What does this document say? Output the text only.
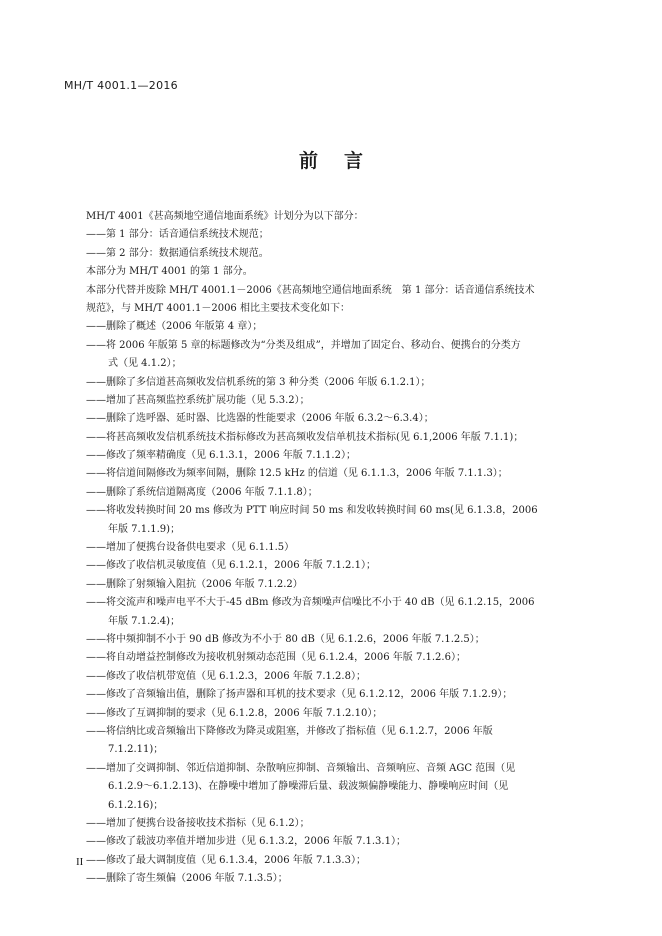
MH/T 4001.1—2016
前言
MH/T 4001《甚高频地空通信地面系统》计划分为以下部分：
——第 1 部分：话音通信系统技术规范；
——第 2 部分：数据通信系统技术规范。
本部分为 MH/T 4001 的第 1 部分。
本部分代替并废除 MH/T 4001.1－2006《甚高频地空通信地面系统　第 1 部分：话音通信系统技术
规范》，与 MH/T 4001.1－2006 相比主要技术变化如下：
——删除了概述（2006 年版第 4 章）；
——将 2006 年版第 5 章的标题修改为“分类及组成”，并增加了固定台、移动台、便携台的分类方
式（见 4.1.2）；
——删除了多信道甚高频收发信机系统的第 3 种分类（2006 年版 6.1.2.1）；
——增加了甚高频监控系统扩展功能（见 5.3.2）；
——删除了选呼器、延时器、比选器的性能要求（2006 年版 6.3.2～6.3.4）；
——将甚高频收发信机系统技术指标修改为甚高频收发信单机技术指标(见 6.1,2006 年版 7.1.1)；
——修改了频率精确度（见 6.1.3.1，2006 年版 7.1.1.2）；
——将信道间隔修改为频率间隔，删除 12.5 kHz 的信道（见 6.1.1.3，2006 年版 7.1.1.3）；
——删除了系统信道隔离度（2006 年版 7.1.1.8）；
——将收发转换时间 20 ms 修改为 PTT 响应时间 50 ms 和发收转换时间 60 ms(见 6.1.3.8，2006
年版 7.1.1.9)；
——增加了便携台设备供电要求（见 6.1.1.5）
——修改了收信机灵敏度值（见 6.1.2.1，2006 年版 7.1.2.1）；
——删除了射频输入阻抗（2006 年版 7.1.2.2）
——将交流声和噪声电平不大于-45 dBm 修改为音频噪声信噪比不小于 40 dB（见 6.1.2.15，2006
年版 7.1.2.4)；
——将中频抑制不小于 90 dB 修改为不小于 80 dB（见 6.1.2.6，2006 年版 7.1.2.5）；
——将自动增益控制修改为接收机射频动态范围（见 6.1.2.4，2006 年版 7.1.2.6）；
——修改了收信机带宽值（见 6.1.2.3，2006 年版 7.1.2.8）；
——修改了音频输出值，删除了扬声器和耳机的技术要求（见 6.1.2.12，2006 年版 7.1.2.9）；
——修改了互调抑制的要求（见 6.1.2.8，2006 年版 7.1.2.10）；
——将信纳比或音频输出下降修改为降灵或阻塞，并修改了指标值（见 6.1.2.7，2006 年版
7.1.2.11)；
——增加了交调抑制、邻近信道抑制、杂散响应抑制、音频输出、音频响应、音频 AGC 范围（见
6.1.2.9～6.1.2.13)、在静噪中增加了静噪滞后量、载波频偏静噪能力、静噪响应时间（见
6.1.2.16)；
——增加了便携台设备接收技术指标（见 6.1.2）；
——修改了载波功率值并增加步进（见 6.1.3.2，2006 年版 7.1.3.1）；
——修改了最大调制度值（见 6.1.3.4，2006 年版 7.1.3.3）；
——删除了寄生频偏（2006 年版 7.1.3.5）；
II
